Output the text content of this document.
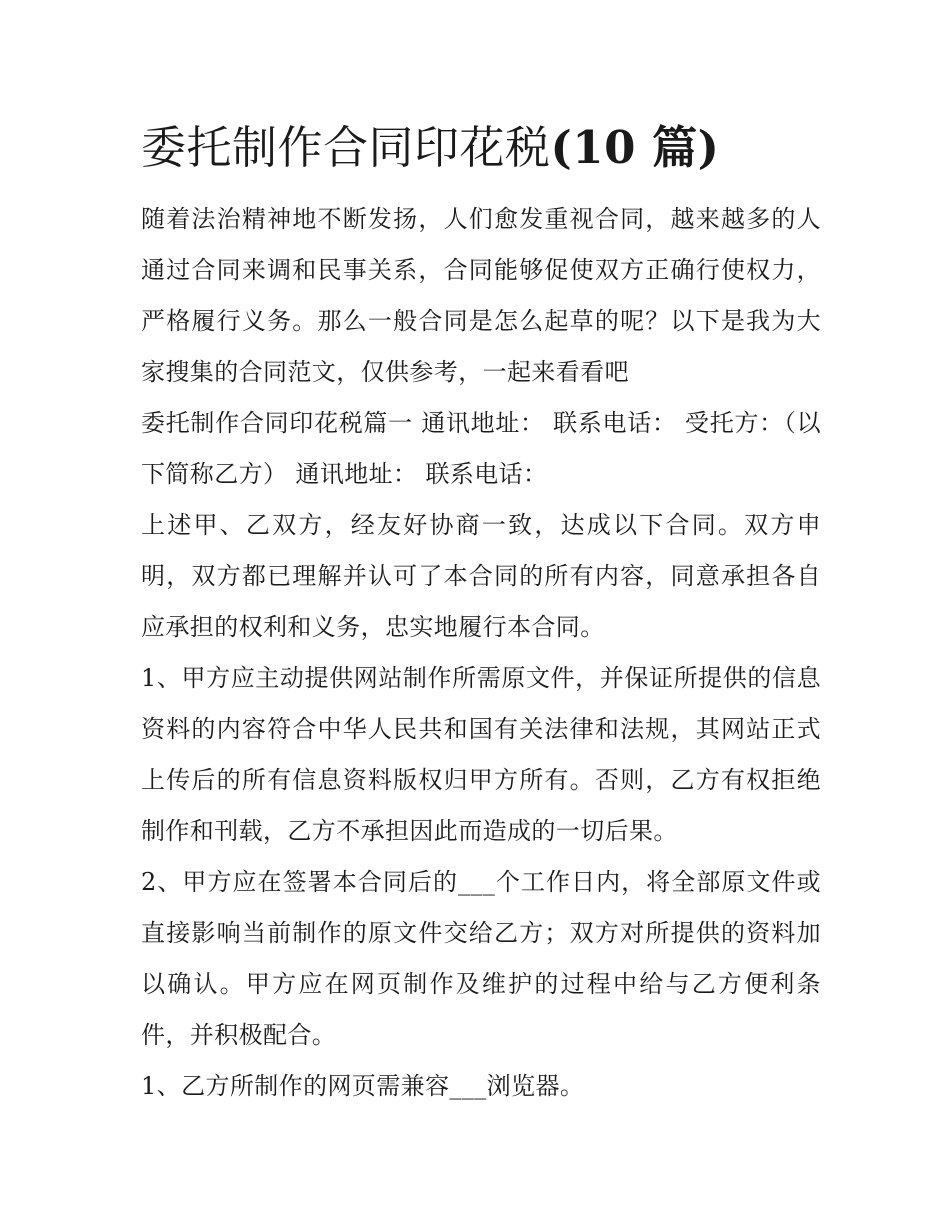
委托制作合同印花税(10 篇)

随着法治精神地不断发扬，人们愈发重视合同，越来越多的人通过合同来调和民事关系，合同能够促使双方正确行使权力，严格履行义务。那么一般合同是怎么起草的呢？以下是我为大家搜集的合同范文，仅供参考，一起来看看吧

委托制作合同印花税篇一 通讯地址： 联系电话： 受托方：（以下简称乙方） 通讯地址： 联系电话：

上述甲、乙双方，经友好协商一致，达成以下合同。双方申明，双方都已理解并认可了本合同的所有内容，同意承担各自应承担的权利和义务，忠实地履行本合同。

1、甲方应主动提供网站制作所需原文件，并保证所提供的信息资料的内容符合中华人民共和国有关法律和法规，其网站正式上传后的所有信息资料版权归甲方所有。否则，乙方有权拒绝制作和刊载，乙方不承担因此而造成的一切后果。

2、甲方应在签署本合同后的___个工作日内，将全部原文件或直接影响当前制作的原文件交给乙方；双方对所提供的资料加以确认。甲方应在网页制作及维护的过程中给与乙方便利条件，并积极配合。

1、乙方所制作的网页需兼容___浏览器。
